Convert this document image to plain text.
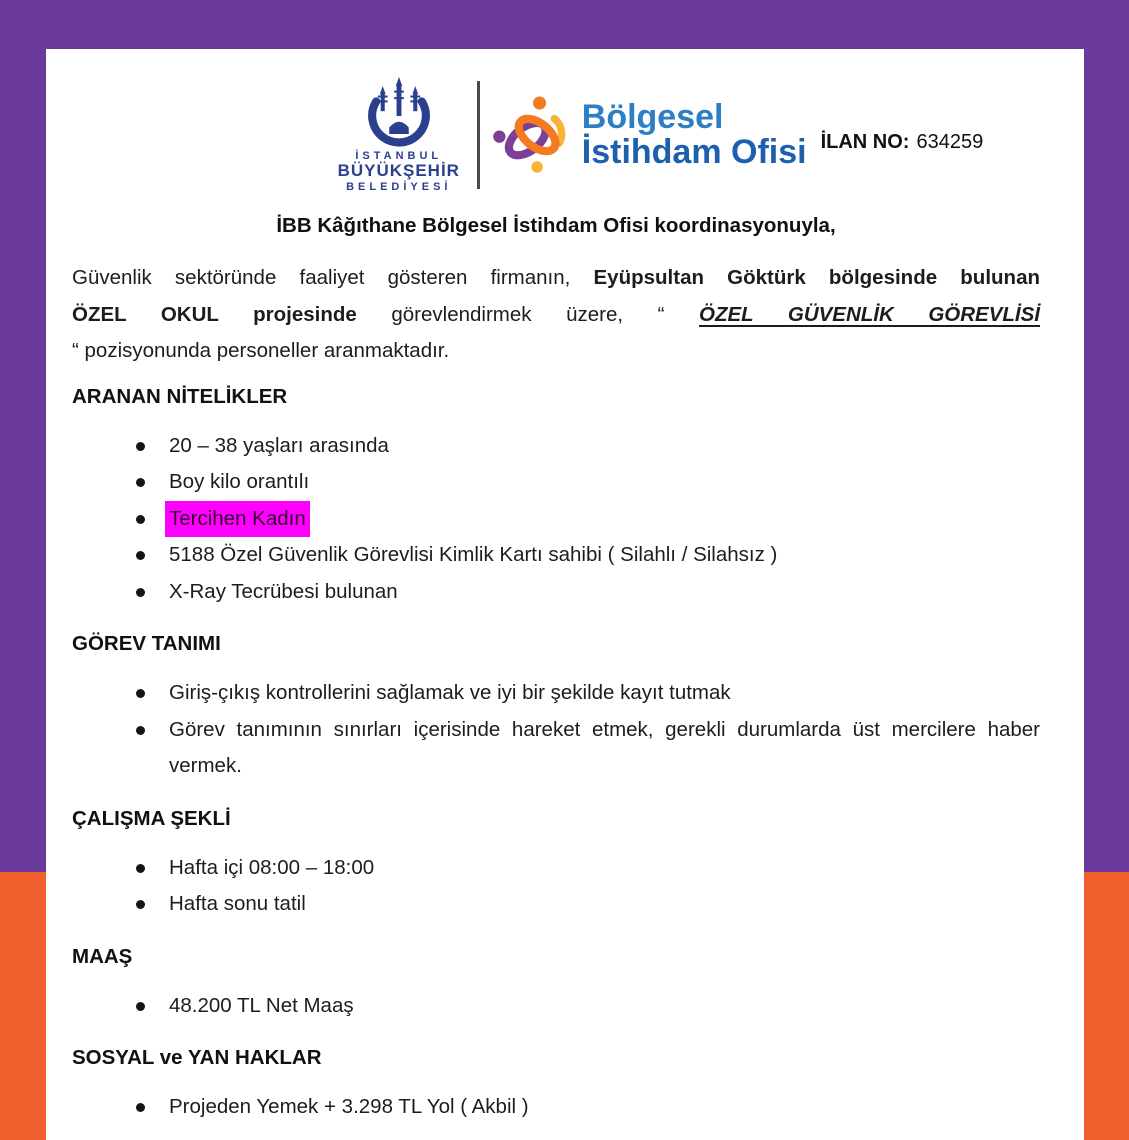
İSTANBUL
BÜYÜKŞEHİR
BELEDİYESİ
Bölgesel
İstihdam Ofisi İLAN NO: 634259
İBB Kâğıthane Bölgesel İstihdam Ofisi koordinasyonuyla,
Güvenlik sektöründe faaliyet gösteren firmanın, Eyüpsultan Göktürk bölgesinde bulunan
ÖZEL OKUL projesinde görevlendirmek üzere, “ ÖZEL GÜVENLİK GÖREVLİSİ
“ pozisyonunda personeller aranmaktadır.
ARANAN NİTELİKLER
20 – 38 yaşları arasında
Boy kilo orantılı
Tercihen Kadın
5188 Özel Güvenlik Görevlisi Kimlik Kartı sahibi ( Silahlı / Silahsız )
X-Ray Tecrübesi bulunan
GÖREV TANIMI
Giriş-çıkış kontrollerini sağlamak ve iyi bir şekilde kayıt tutmak
Görev tanımının sınırları içerisinde hareket etmek, gerekli durumlarda üst mercilere haber vermek.
ÇALIŞMA ŞEKLİ
Hafta içi 08:00 – 18:00
Hafta sonu tatil
MAAŞ
48.200 TL Net Maaş
SOSYAL ve YAN HAKLAR
Projeden Yemek + 3.298 TL Yol ( Akbil )
